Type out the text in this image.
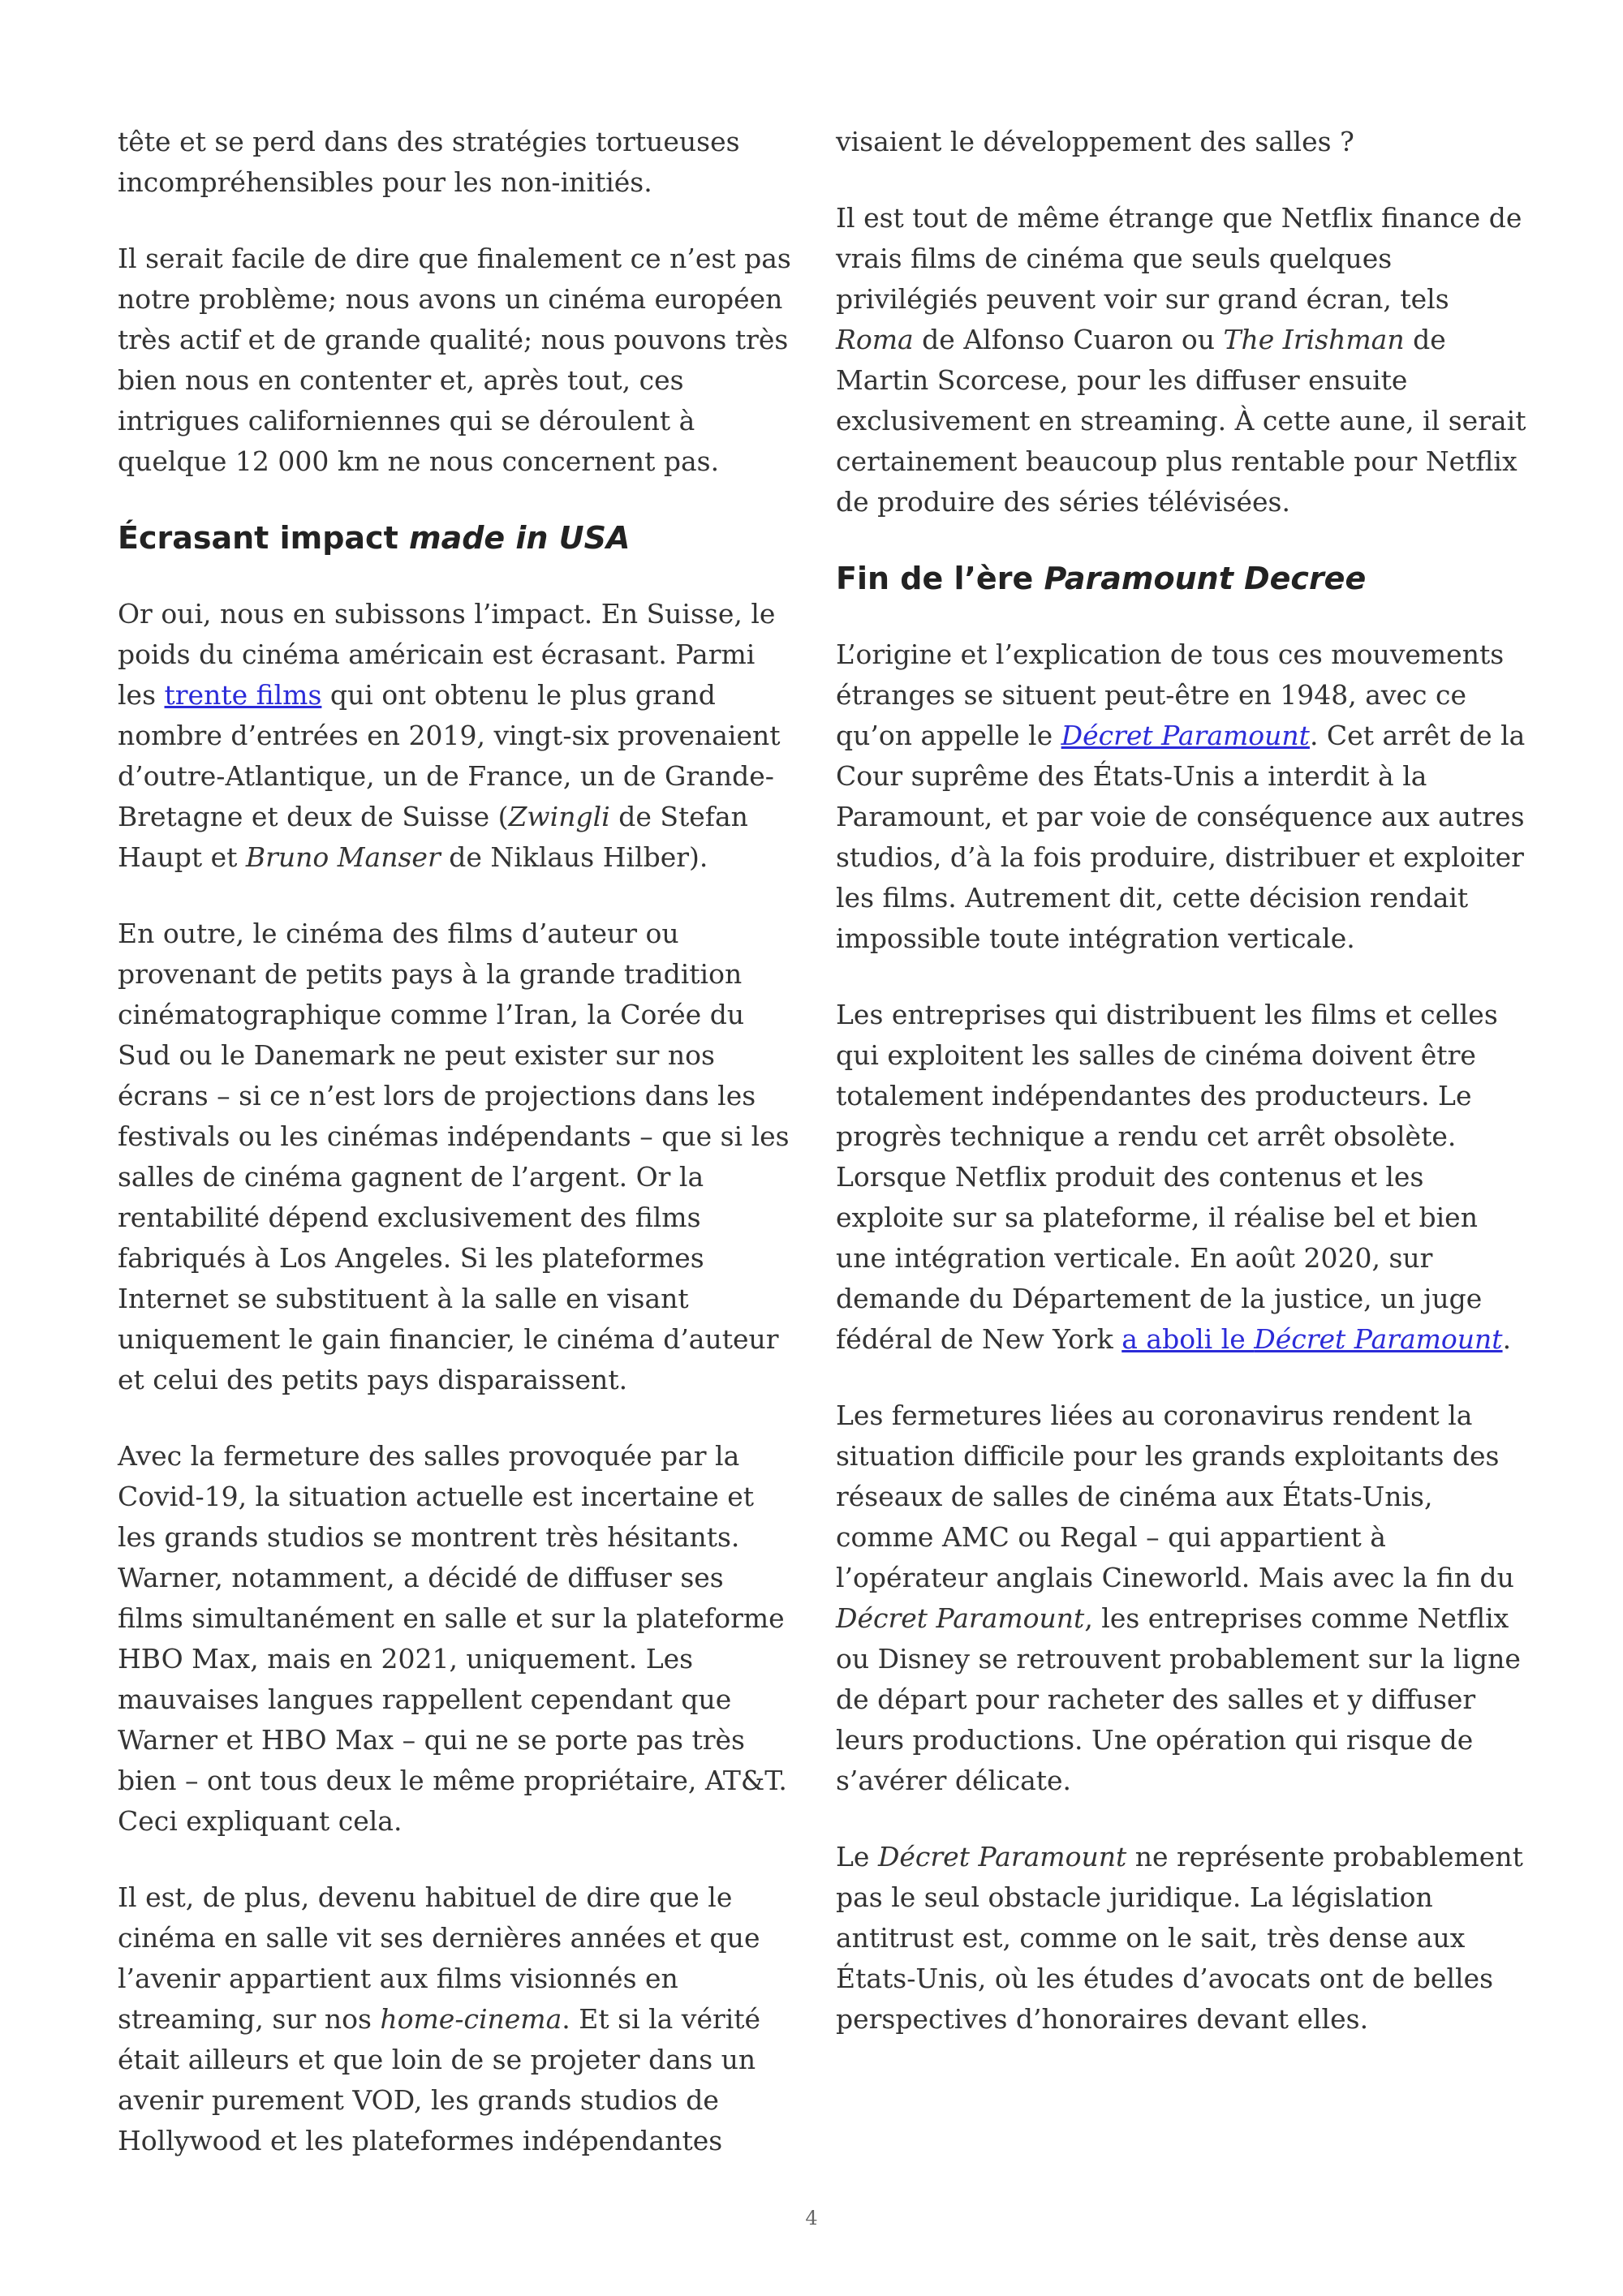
tête et se perd dans des stratégies tortueuses incompréhensibles pour les non-initiés.

Il serait facile de dire que finalement ce n’est pas notre problème; nous avons un cinéma européen très actif et de grande qualité; nous pouvons très bien nous en contenter et, après tout, ces intrigues californiennes qui se déroulent à quelque 12 000 km ne nous concernent pas.

Écrasant impact made in USA

Or oui, nous en subissons l’impact. En Suisse, le poids du cinéma américain est écrasant. Parmi les trente films qui ont obtenu le plus grand nombre d’entrées en 2019, vingt-six provenaient d’outre-Atlantique, un de France, un de Grande-Bretagne et deux de Suisse (Zwingli de Stefan Haupt et Bruno Manser de Niklaus Hilber).

En outre, le cinéma des films d’auteur ou provenant de petits pays à la grande tradition cinématographique comme l’Iran, la Corée du Sud ou le Danemark ne peut exister sur nos écrans – si ce n’est lors de projections dans les festivals ou les cinémas indépendants – que si les salles de cinéma gagnent de l’argent. Or la rentabilité dépend exclusivement des films fabriqués à Los Angeles. Si les plateformes Internet se substituent à la salle en visant uniquement le gain financier, le cinéma d’auteur et celui des petits pays disparaissent.

Avec la fermeture des salles provoquée par la Covid-19, la situation actuelle est incertaine et les grands studios se montrent très hésitants. Warner, notamment, a décidé de diffuser ses films simultanément en salle et sur la plateforme HBO Max, mais en 2021, uniquement. Les mauvaises langues rappellent cependant que Warner et HBO Max – qui ne se porte pas très bien – ont tous deux le même propriétaire, AT&T. Ceci expliquant cela.

Il est, de plus, devenu habituel de dire que le cinéma en salle vit ses dernières années et que l’avenir appartient aux films visionnés en streaming, sur nos home-cinema. Et si la vérité était ailleurs et que loin de se projeter dans un avenir purement VOD, les grands studios de Hollywood et les plateformes indépendantes

visaient le développement des salles ?

Il est tout de même étrange que Netflix finance de vrais films de cinéma que seuls quelques privilégiés peuvent voir sur grand écran, tels Roma de Alfonso Cuaron ou The Irishman de Martin Scorcese, pour les diffuser ensuite exclusivement en streaming. À cette aune, il serait certainement beaucoup plus rentable pour Netflix de produire des séries télévisées.

Fin de l’ère Paramount Decree

L’origine et l’explication de tous ces mouvements étranges se situent peut-être en 1948, avec ce qu’on appelle le Décret Paramount. Cet arrêt de la Cour suprême des États-Unis a interdit à la Paramount, et par voie de conséquence aux autres studios, d’à la fois produire, distribuer et exploiter les films. Autrement dit, cette décision rendait impossible toute intégration verticale.

Les entreprises qui distribuent les films et celles qui exploitent les salles de cinéma doivent être totalement indépendantes des producteurs. Le progrès technique a rendu cet arrêt obsolète. Lorsque Netflix produit des contenus et les exploite sur sa plateforme, il réalise bel et bien une intégration verticale. En août 2020, sur demande du Département de la justice, un juge fédéral de New York a aboli le Décret Paramount.

Les fermetures liées au coronavirus rendent la situation difficile pour les grands exploitants des réseaux de salles de cinéma aux États-Unis, comme AMC ou Regal – qui appartient à l’opérateur anglais Cineworld. Mais avec la fin du Décret Paramount, les entreprises comme Netflix ou Disney se retrouvent probablement sur la ligne de départ pour racheter des salles et y diffuser leurs productions. Une opération qui risque de s’avérer délicate.

Le Décret Paramount ne représente probablement pas le seul obstacle juridique. La législation antitrust est, comme on le sait, très dense aux États-Unis, où les études d’avocats ont de belles perspectives d’honoraires devant elles.

4
